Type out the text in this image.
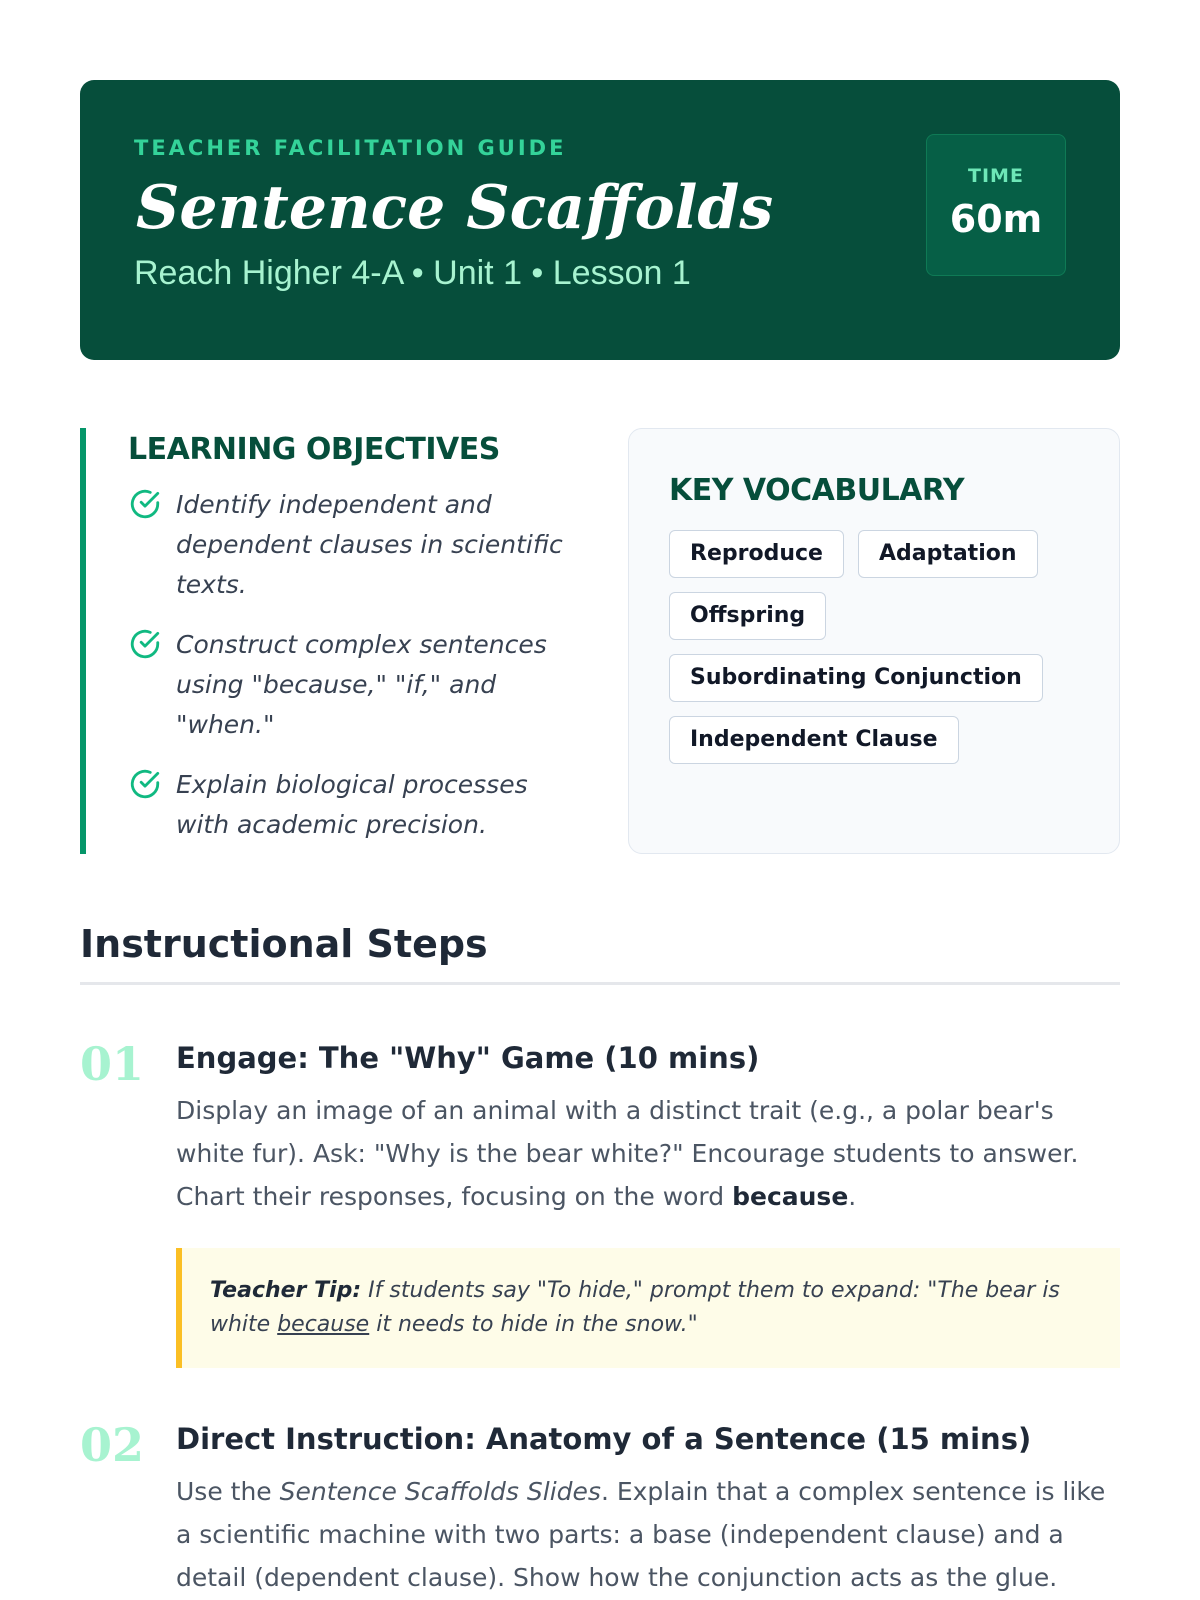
TEACHER FACILITATION GUIDE

Sentence Scaffolds
Reach Higher 4-A • Unit 1 • Lesson 1
TIME
60m
LEARNING OBJECTIVES
Identify independent and dependent clauses in scientific texts.
Construct complex sentences using "because," "if," and "when."
Explain biological processes with academic precision.
KEY VOCABULARY
Reproduce	Adaptation
Offspring
Subordinating Conjunction
Independent Clause
Instructional Steps
01 Engage: The "Why" Game (10 mins)

Display an image of an animal with a distinct trait (e.g., a polar bear's white fur). Ask: "Why is the bear white?" Encourage students to answer. Chart their responses, focusing on the word because.

Teacher Tip: If students say "To hide," prompt them to expand: "The bear is white because it needs to hide in the snow."
02 Direct Instruction: Anatomy of a Sentence (15 mins)

Use the Sentence Scaffolds Slides. Explain that a complex sentence is like a scientific machine with two parts: a base (independent clause) and a detail (dependent clause). Show how the conjunction acts as the glue.
